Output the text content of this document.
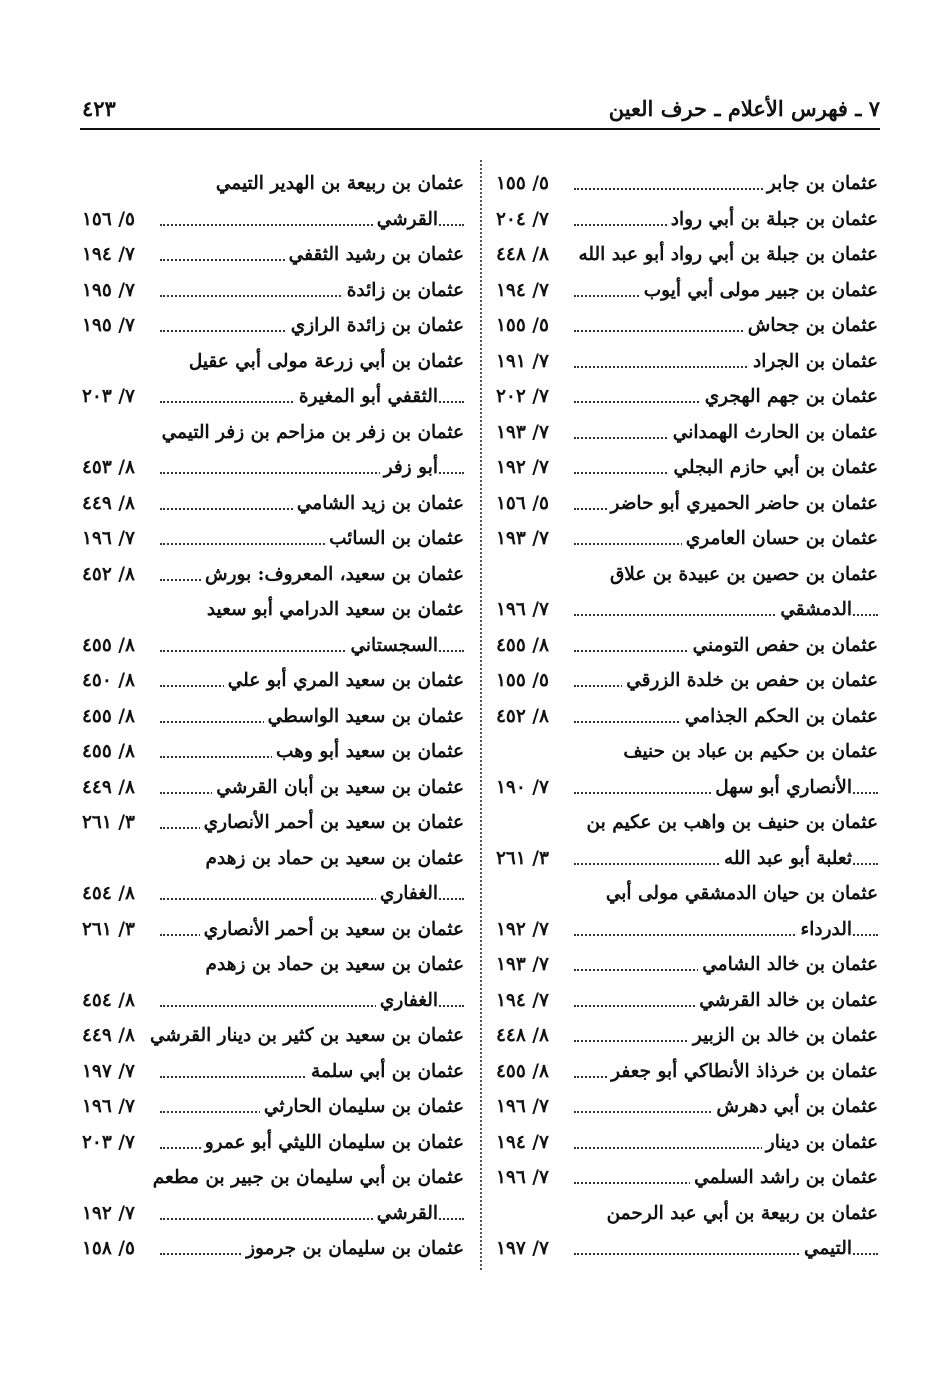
٧ ـ فهرس الأعلام ـ حرف العين
٤٢٣
عثمان بن جابر
٥/ ١٥٥
عثمان بن جبلة بن أبي رواد
٧/ ٢٠٤
عثمان بن جبلة بن أبي رواد أبو عبد الله
٨/ ٤٤٨
عثمان بن جبير مولى أبي أيوب
٧/ ١٩٤
عثمان بن جحاش
٥/ ١٥٥
عثمان بن الجراد
٧/ ١٩١
عثمان بن جهم الهجري
٧/ ٢٠٢
عثمان بن الحارث الهمداني
٧/ ١٩٣
عثمان بن أبي حازم البجلي
٧/ ١٩٢
عثمان بن حاضر الحميري أبو حاضر
٥/ ١٥٦
عثمان بن حسان العامري
٧/ ١٩٣
عثمان بن حصين بن عبيدة بن علاق
الدمشقي
٧/ ١٩٦
عثمان بن حفص التومني
٨/ ٤٥٥
عثمان بن حفص بن خلدة الزرقي
٥/ ١٥٥
عثمان بن الحكم الجذامي
٨/ ٤٥٢
عثمان بن حكيم بن عباد بن حنيف
الأنصاري أبو سهل
٧/ ١٩٠
عثمان بن حنيف بن واهب بن عكيم بن
ثعلبة أبو عبد الله
٣/ ٢٦١
عثمان بن حيان الدمشقي مولى أبي
الدرداء
٧/ ١٩٢
عثمان بن خالد الشامي
٧/ ١٩٣
عثمان بن خالد القرشي
٧/ ١٩٤
عثمان بن خالد بن الزبير
٨/ ٤٤٨
عثمان بن خرذاذ الأنطاكي أبو جعفر
٨/ ٤٥٥
عثمان بن أبي دهرش
٧/ ١٩٦
عثمان بن دينار
٧/ ١٩٤
عثمان بن راشد السلمي
٧/ ١٩٦
عثمان بن ربيعة بن أبي عبد الرحمن
التيمي
٧/ ١٩٧
عثمان بن ربيعة بن الهدير التيمي
القرشي
٥/ ١٥٦
عثمان بن رشيد الثقفي
٧/ ١٩٤
عثمان بن زائدة
٧/ ١٩٥
عثمان بن زائدة الرازي
٧/ ١٩٥
عثمان بن أبي زرعة مولى أبي عقيل
الثقفي أبو المغيرة
٧/ ٢٠٣
عثمان بن زفر بن مزاحم بن زفر التيمي
أبو زفر
٨/ ٤٥٣
عثمان بن زيد الشامي
٨/ ٤٤٩
عثمان بن السائب
٧/ ١٩٦
عثمان بن سعيد، المعروف: بورش
٨/ ٤٥٢
عثمان بن سعيد الدرامي أبو سعيد
السجستاني
٨/ ٤٥٥
عثمان بن سعيد المري أبو علي
٨/ ٤٥٠
عثمان بن سعيد الواسطي
٨/ ٤٥٥
عثمان بن سعيد أبو وهب
٨/ ٤٥٥
عثمان بن سعيد بن أبان القرشي
٨/ ٤٤٩
عثمان بن سعيد بن أحمر الأنصاري
٣/ ٢٦١
عثمان بن سعيد بن حماد بن زهدم
الغفاري
٨/ ٤٥٤
عثمان بن سعيد بن أحمر الأنصاري
٣/ ٢٦١
عثمان بن سعيد بن حماد بن زهدم
الغفاري
٨/ ٤٥٤
عثمان بن سعيد بن كثير بن دينار القرشي
٨/ ٤٤٩
عثمان بن أبي سلمة
٧/ ١٩٧
عثمان بن سليمان الحارثي
٧/ ١٩٦
عثمان بن سليمان الليثي أبو عمرو
٧/ ٢٠٣
عثمان بن أبي سليمان بن جبير بن مطعم
القرشي
٧/ ١٩٢
عثمان بن سليمان بن جرموز
٥/ ١٥٨
